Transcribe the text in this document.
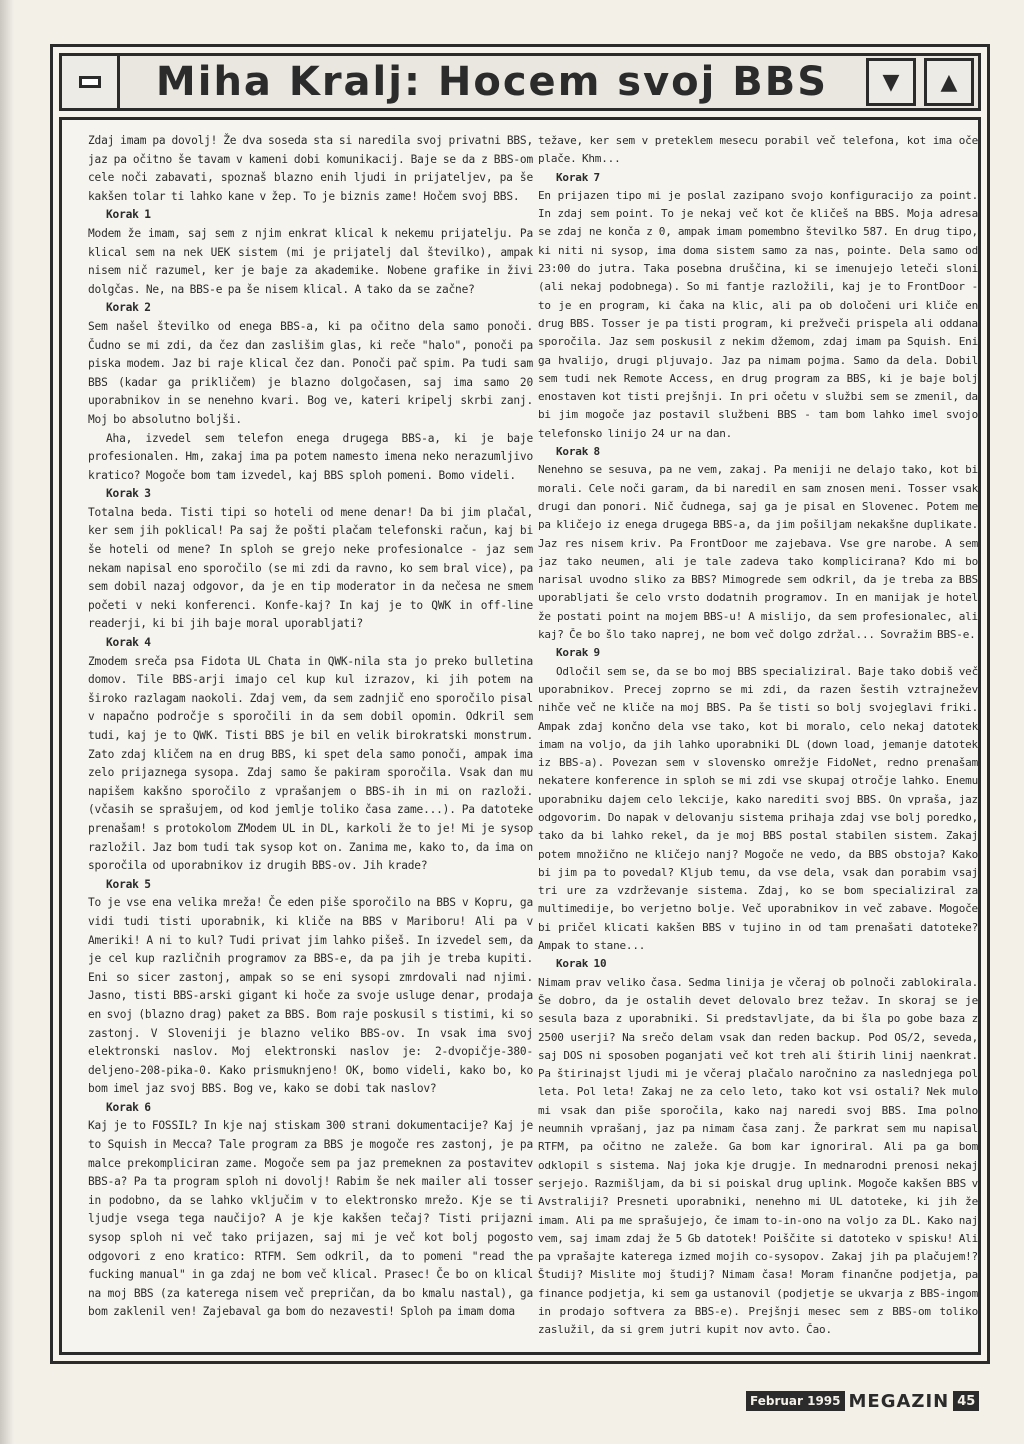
Miha Kralj: Hocem svoj BBS	▼ ▲

Zdaj imam pa dovolj! Že dva soseda sta si naredila svoj privatni BBS, jaz pa očitno še tavam v kameni dobi komunikacij. Baje se da z BBS-om cele noči zabavati, spoznaš blazno enih ljudi in prijateljev, pa še kakšen tolar ti lahko kane v žep. To je biznis zame! Hočem svoj BBS.

Korak 1

Modem že imam, saj sem z njim enkrat klical k nekemu prijatelju. Pa klical sem na nek UEK sistem (mi je prijatelj dal številko), ampak nisem nič razumel, ker je baje za akademike. Nobene grafike in živi dolgčas. Ne, na BBS-e pa še nisem klical. A tako da se začne?

Korak 2

Sem našel številko od enega BBS-a, ki pa očitno dela samo ponoči. Čudno se mi zdi, da čez dan zaslišim glas, ki reče "halo", ponoči pa piska modem. Jaz bi raje klical čez dan. Ponoči pač spim. Pa tudi sam BBS (kadar ga prikličem) je blazno dolgočasen, saj ima samo 20 uporabnikov in se nenehno kvari. Bog ve, kateri kripelj skrbi zanj. Moj bo absolutno boljši.

Aha, izvedel sem telefon enega drugega BBS-a, ki je baje profesionalen. Hm, zakaj ima pa potem namesto imena neko nerazumljivo kratico? Mogoče bom tam izvedel, kaj BBS sploh pomeni. Bomo videli.

Korak 3

Totalna beda. Tisti tipi so hoteli od mene denar! Da bi jim plačal, ker sem jih poklical! Pa saj že pošti plačam telefonski račun, kaj bi še hoteli od mene? In sploh se grejo neke profesionalce - jaz sem nekam napisal eno sporočilo (se mi zdi da ravno, ko sem bral vice), pa sem dobil nazaj odgovor, da je en tip moderator in da nečesa ne smem početi v neki konferenci. Konfe-kaj? In kaj je to QWK in off-line readerji, ki bi jih baje moral uporabljati?

Korak 4

Zmodem sreča psa Fidota UL Chata in QWK-nila sta jo preko bulletina domov. Tile BBS-arji imajo cel kup kul izrazov, ki jih potem na široko razlagam naokoli. Zdaj vem, da sem zadnjič eno sporočilo pisal v napačno področje s sporočili in da sem dobil opomin. Odkril sem tudi, kaj je to QWK. Tisti BBS je bil en velik birokratski monstrum. Zato zdaj kličem na en drug BBS, ki spet dela samo ponoči, ampak ima zelo prijaznega sysopa. Zdaj samo še pakiram sporočila. Vsak dan mu napišem kakšno sporočilo z vprašanjem o BBS-ih in mi on razloži. (včasih se sprašujem, od kod jemlje toliko časa zame...). Pa datoteke prenašam! s protokolom ZModem UL in DL, karkoli že to je! Mi je sysop razložil. Jaz bom tudi tak sysop kot on. Zanima me, kako to, da ima on sporočila od uporabnikov iz drugih BBS-ov. Jih krade?

Korak 5

To je vse ena velika mreža! Če eden piše sporočilo na BBS v Kopru, ga vidi tudi tisti uporabnik, ki kliče na BBS v Mariboru! Ali pa v Ameriki! A ni to kul? Tudi privat jim lahko pišeš. In izvedel sem, da je cel kup različnih programov za BBS-e, da pa jih je treba kupiti. Eni so sicer zastonj, ampak so se eni sysopi zmrdovali nad njimi. Jasno, tisti BBS-arski gigant ki hoče za svoje usluge denar, prodaja en svoj (blazno drag) paket za BBS. Bom raje poskusil s tistimi, ki so zastonj. V Sloveniji je blazno veliko BBS-ov. In vsak ima svoj elektronski naslov. Moj elektronski naslov je: 2-dvopičje-380-deljeno-208-pika-0. Kako prismuknjeno! OK, bomo videli, kako bo, ko bom imel jaz svoj BBS. Bog ve, kako se dobi tak naslov?

Korak 6

Kaj je to FOSSIL? In kje naj stiskam 300 strani dokumentacije? Kaj je to Squish in Mecca? Tale program za BBS je mogoče res zastonj, je pa malce prekompliciran zame. Mogoče sem pa jaz premeknen za postavitev BBS-a? Pa ta program sploh ni dovolj! Rabim še nek mailer ali tosser in podobno, da se lahko vključim v to elektronsko mrežo. Kje se ti ljudje vsega tega naučijo? A je kje kakšen tečaj? Tisti prijazni sysop sploh ni več tako prijazen, saj mi je več kot bolj pogosto odgovori z eno kratico: RTFM. Sem odkril, da to pomeni "read the fucking manual" in ga zdaj ne bom več klical. Prasec! Če bo on klical na moj BBS (za katerega nisem več prepričan, da bo kmalu nastal), ga bom zaklenil ven! Zajebaval ga bom do nezavesti! Sploh pa imam doma

težave, ker sem v preteklem mesecu porabil več telefona, kot ima oče plače. Khm...

Korak 7

En prijazen tipo mi je poslal zazipano svojo konfiguracijo za point. In zdaj sem point. To je nekaj več kot če kličeš na BBS. Moja adresa se zdaj ne konča z 0, ampak imam pomembno številko 587. En drug tipo, ki niti ni sysop, ima doma sistem samo za nas, pointe. Dela samo od 23:00 do jutra. Taka posebna druščina, ki se imenujejo leteči sloni (ali nekaj podobnega). So mi fantje razložili, kaj je to FrontDoor - to je en program, ki čaka na klic, ali pa ob določeni uri kliče en drug BBS. Tosser je pa tisti program, ki prežveči prispela ali oddana sporočila. Jaz sem poskusil z nekim džemom, zdaj imam pa Squish. Eni ga hvalijo, drugi pljuvajo. Jaz pa nimam pojma. Samo da dela. Dobil sem tudi nek Remote Access, en drug program za BBS, ki je baje bolj enostaven kot tisti prejšnji. In pri očetu v službi sem se zmenil, da bi jim mogoče jaz postavil službeni BBS - tam bom lahko imel svojo telefonsko linijo 24 ur na dan.

Korak 8

Nenehno se sesuva, pa ne vem, zakaj. Pa meniji ne delajo tako, kot bi morali. Cele noči garam, da bi naredil en sam znosen meni. Tosser vsak drugi dan ponori. Nič čudnega, saj ga je pisal en Slovenec. Potem me pa kličejo iz enega drugega BBS-a, da jim pošiljam nekakšne duplikate. Jaz res nisem kriv. Pa FrontDoor me zajebava. Vse gre narobe. A sem jaz tako neumen, ali je tale zadeva tako komplicirana? Kdo mi bo narisal uvodno sliko za BBS? Mimogrede sem odkril, da je treba za BBS uporabljati še celo vrsto dodatnih programov. In en manijak je hotel že postati point na mojem BBS-u! A mislijo, da sem profesionalec, ali kaj? Če bo šlo tako naprej, ne bom več dolgo zdržal... Sovražim BBS-e.

Korak 9

Odločil sem se, da se bo moj BBS specializiral. Baje tako dobiš več uporabnikov. Precej zoprno se mi zdi, da razen šestih vztrajnežev nihče več ne kliče na moj BBS. Pa še tisti so bolj svojeglavi friki. Ampak zdaj končno dela vse tako, kot bi moralo, celo nekaj datotek imam na voljo, da jih lahko uporabniki DL (down load, jemanje datotek iz BBS-a). Povezan sem v slovensko omrežje FidoNet, redno prenašam nekatere konference in sploh se mi zdi vse skupaj otročje lahko. Enemu uporabniku dajem celo lekcije, kako narediti svoj BBS. On vpraša, jaz odgovorim. Do napak v delovanju sistema prihaja zdaj vse bolj poredko, tako da bi lahko rekel, da je moj BBS postal stabilen sistem. Zakaj potem množično ne kličejo nanj? Mogoče ne vedo, da BBS obstoja? Kako bi jim pa to povedal? Kljub temu, da vse dela, vsak dan porabim vsaj tri ure za vzdrževanje sistema. Zdaj, ko se bom specializiral za multimedije, bo verjetno bolje. Več uporabnikov in več zabave. Mogoče bi pričel klicati kakšen BBS v tujino in od tam prenašati datoteke? Ampak to stane...

Korak 10

Nimam prav veliko časa. Sedma linija je včeraj ob polnoči zablokirala. Še dobro, da je ostalih devet delovalo brez težav. In skoraj se je sesula baza z uporabniki. Si predstavljate, da bi šla po gobe baza z 2500 userji? Na srečo delam vsak dan reden backup. Pod OS/2, seveda, saj DOS ni sposoben poganjati več kot treh ali štirih linij naenkrat. Pa štirinajst ljudi mi je včeraj plačalo naročnino za naslednjega pol leta. Pol leta! Zakaj ne za celo leto, tako kot vsi ostali? Nek mulo mi vsak dan piše sporočila, kako naj naredi svoj BBS. Ima polno neumnih vprašanj, jaz pa nimam časa zanj. Že parkrat sem mu napisal RTFM, pa očitno ne zaleže. Ga bom kar ignoriral. Ali pa ga bom odklopil s sistema. Naj joka kje drugje. In mednarodni prenosi nekaj serjejo. Razmišljam, da bi si poiskal drug uplink. Mogoče kakšen BBS v Avstraliji? Presneti uporabniki, nenehno mi UL datoteke, ki jih že imam. Ali pa me sprašujejo, če imam to-in-ono na voljo za DL. Kako naj vem, saj imam zdaj že 5 Gb datotek! Poiščite si datoteko v spisku! Ali pa vprašajte katerega izmed mojih co-sysopov. Zakaj jih pa plačujem!? Študij? Mislite moj študij? Nimam časa! Moram finančne podjetja, pa finance podjetja, ki sem ga ustanovil (podjetje se ukvarja z BBS-ingom in prodajo softvera za BBS-e). Prejšnji mesec sem z BBS-om toliko zaslužil, da si grem jutri kupit nov avto. Čao.

Februar 1995 MEGAZIN 45
